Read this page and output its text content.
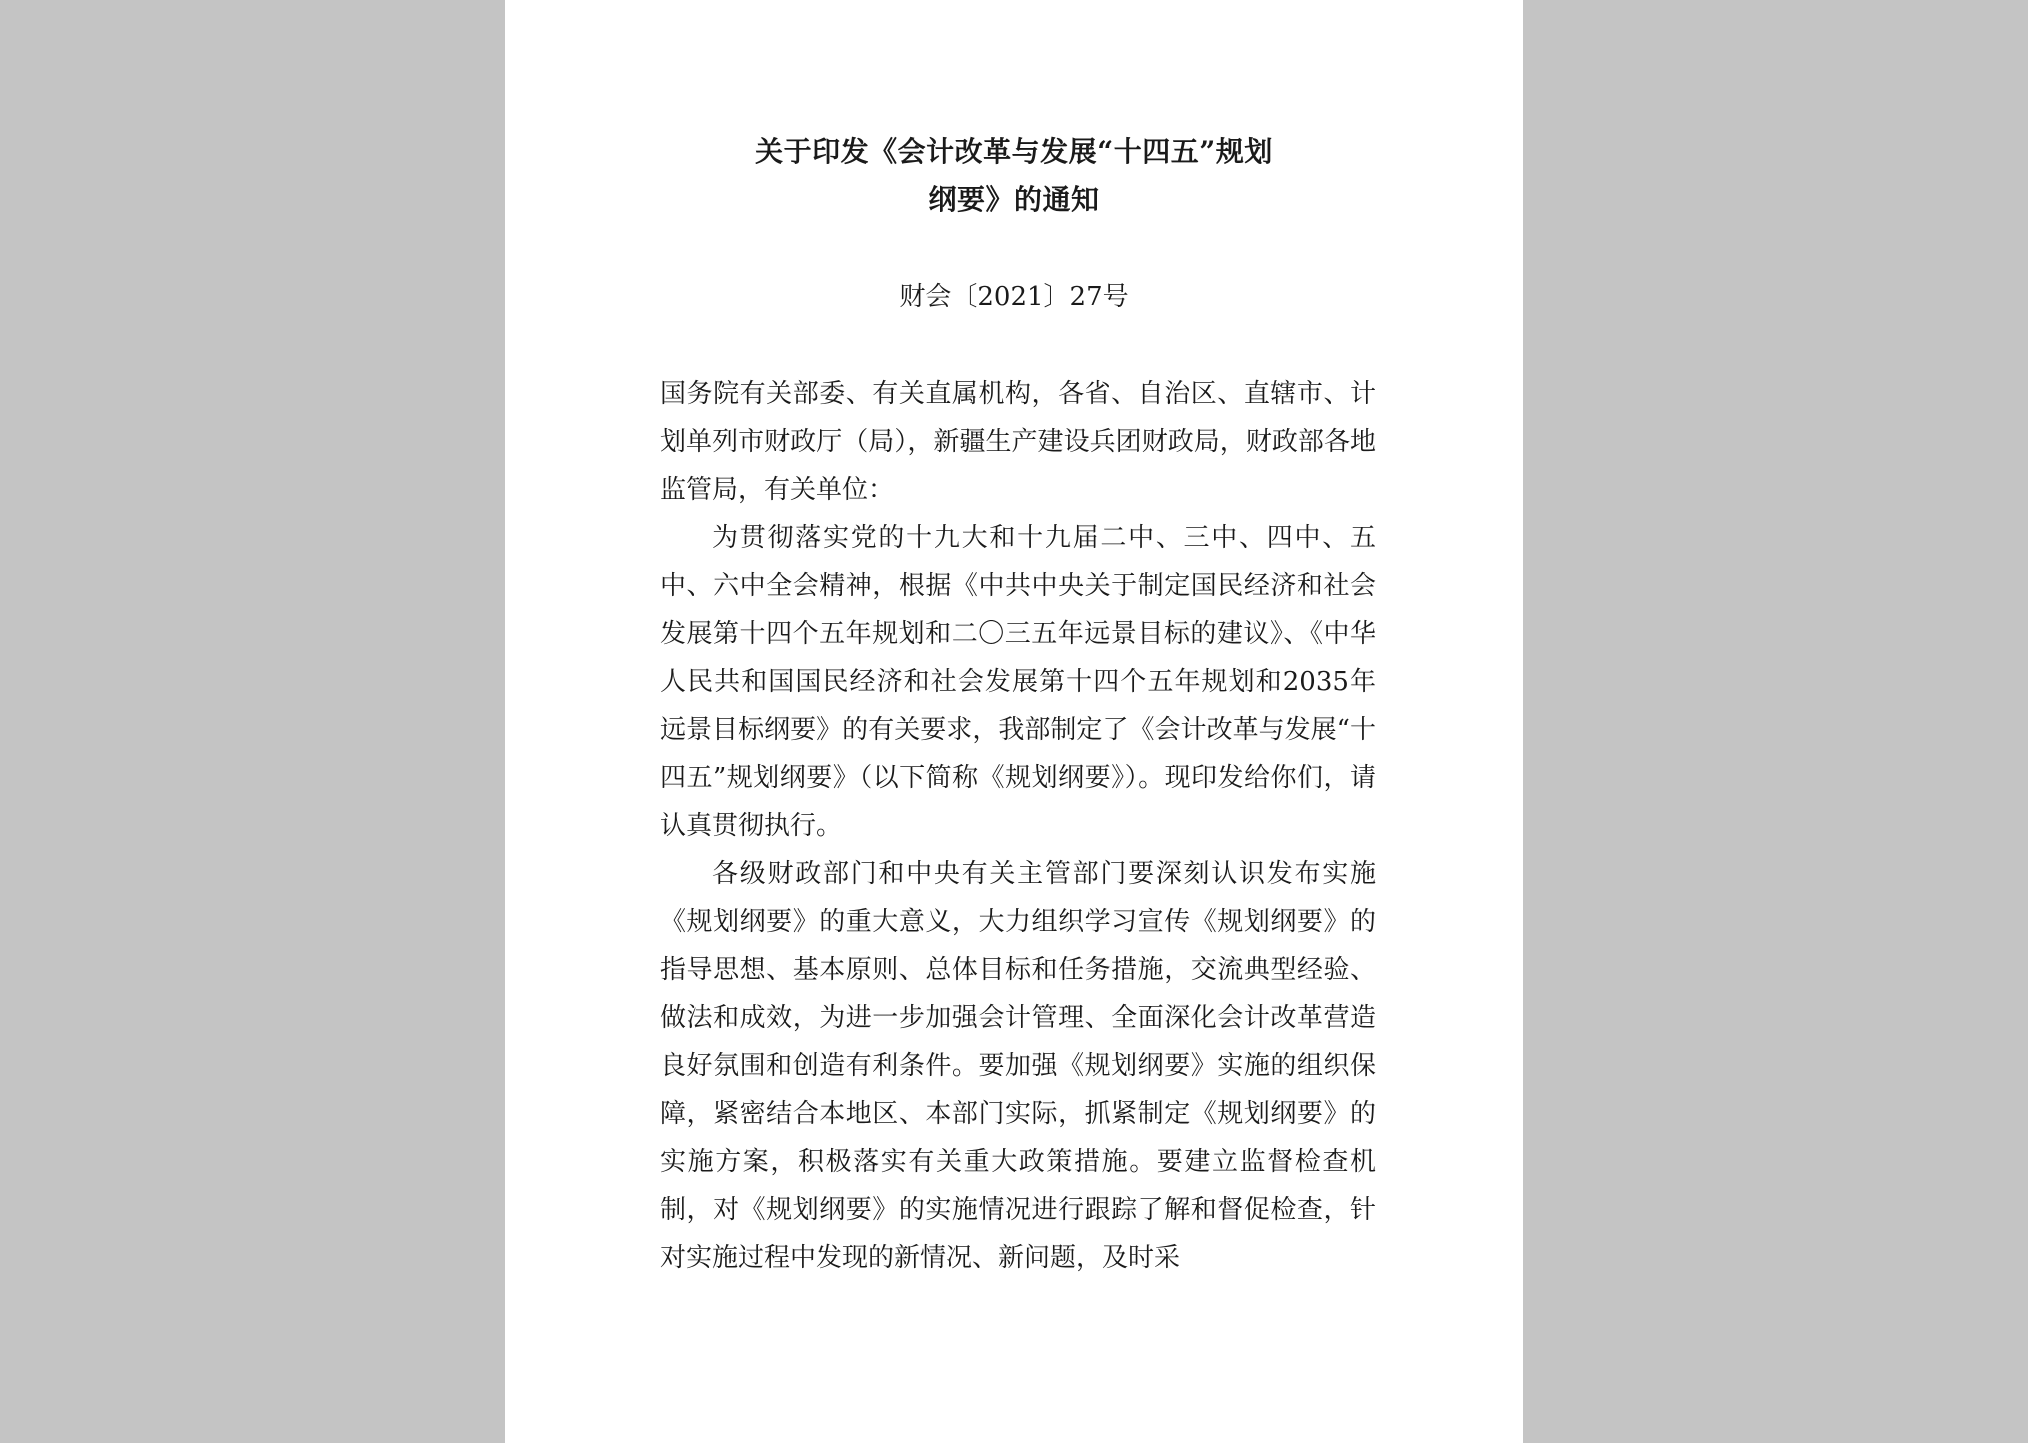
关于印发《会计改革与发展“十四五”规划
纲要》的通知
财会〔2021〕27号

国务院有关部委、有关直属机构，各省、自治区、直辖市、计划单列市财政厅（局），新疆生产建设兵团财政局，财政部各地监管局，有关单位：

为贯彻落实党的十九大和十九届二中、三中、四中、五中、六中全会精神，根据《中共中央关于制定国民经济和社会发展第十四个五年规划和二〇三五年远景目标的建议》、《中华人民共和国国民经济和社会发展第十四个五年规划和2035年远景目标纲要》的有关要求，我部制定了《会计改革与发展“十四五”规划纲要》（以下简称《规划纲要》）。现印发给你们，请认真贯彻执行。

各级财政部门和中央有关主管部门要深刻认识发布实施《规划纲要》的重大意义，大力组织学习宣传《规划纲要》的指导思想、基本原则、总体目标和任务措施，交流典型经验、做法和成效，为进一步加强会计管理、全面深化会计改革营造良好氛围和创造有利条件。要加强《规划纲要》实施的组织保障，紧密结合本地区、本部门实际，抓紧制定《规划纲要》的实施方案，积极落实有关重大政策措施。要建立监督检查机制，对《规划纲要》的实施情况进行跟踪了解和督促检查，针对实施过程中发现的新情况、新问题，及时采
